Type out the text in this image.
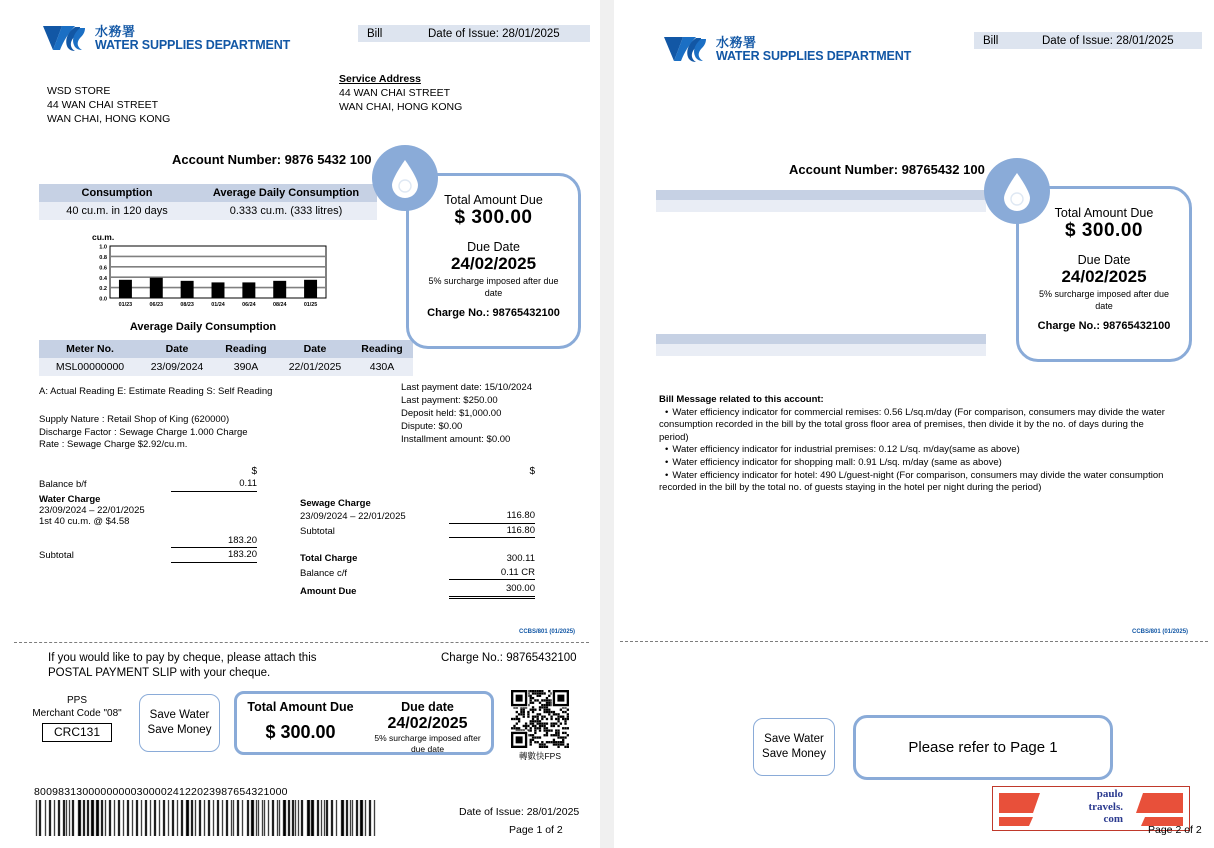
水務署
WATER SUPPLIES DEPARTMENT
Bill	Date of Issue: 28/01/2025
WSD STORE
44 WAN CHAI STREET
WAN CHAI, HONG KONG
Service Address
44 WAN CHAI STREET
WAN CHAI, HONG KONG
Account Number: 9876 5432 100
Consumption	Average Daily Consumption
40 cu.m. in 120 days	0.333 cu.m. (333 litres)
cu.m.
0.0
0.2
0.4
0.6
0.8
1.0
01/23	06/23	08/23	01/24	06/24	08/24	01/25
Average Daily Consumption
Meter No.	Date	Reading	Date	Reading
MSL00000000	23/09/2024	390A	22/01/2025	430A
A: Actual Reading E: Estimate Reading S: Self Reading
Supply Nature : Retail Shop of King (620000)
Discharge Factor : Sewage Charge 1.000 Charge
Rate : Sewage Charge $2.92/cu.m.
Last payment date: 15/10/2024
Last payment: $250.00
Deposit held: $1,000.00
Dispute: $0.00
Installment amount: $0.00
$
Balance b/f	0.11
Water Charge
23/09/2024 – 22/01/2025
1st 40 cu.m. @ $4.58

183.20
Subtotal	183.20
$
Sewage Charge
23/09/2024 – 22/01/2025	116.80
Subtotal	116.80
Total Charge	300.11
Balance c/f	0.11 CR
Amount Due	300.00
Total Amount Due
$ 300.00
Due Date
24/02/2025
5% surcharge imposed after due date
Charge No.: 98765432100
CCBS/801 (01/2025)
If you would like to pay by cheque, please attach this POSTAL PAYMENT SLIP with your cheque.
Charge No.: 98765432100
PPS
Merchant Code "08"
CRC131
Save Water
Save Money
Total Amount Due
$ 300.00
Due date
24/02/2025
5% surcharge imposed after due date
轉數快FPS
800983130000000003000024122023987654321000
Date of Issue: 28/01/2025
Page 1 of 2
水務署
WATER SUPPLIES DEPARTMENT
Bill	Date of Issue: 28/01/2025
Account Number: 98765432 100
Total Amount Due
$ 300.00
Due Date
24/02/2025
5% surcharge imposed after due date
Charge No.: 98765432100
Bill Message related to this account:
• Water efficiency indicator for commercial remises: 0.56 L/sq.m/day (For comparison, consumers may divide the water consumption recorded in the bill by the total gross floor area of premises, then divide it by the no. of days during the period)
• Water efficiency indicator for industrial premises: 0.12 L/sq. m/day(same as above)
• Water efficiency indicator for shopping mall: 0.91 L/sq. m/day (same as above)
• Water efficiency indicator for hotel: 490 L/guest-night (For comparison, consumers may divide the water consumption recorded in the bill by the total no. of guests staying in the hotel per night during the period)
CCBS/801 (01/2025)
Save Water
Save Money	Please refer to Page 1
paulo
travels.
com
Page 2 of 2
